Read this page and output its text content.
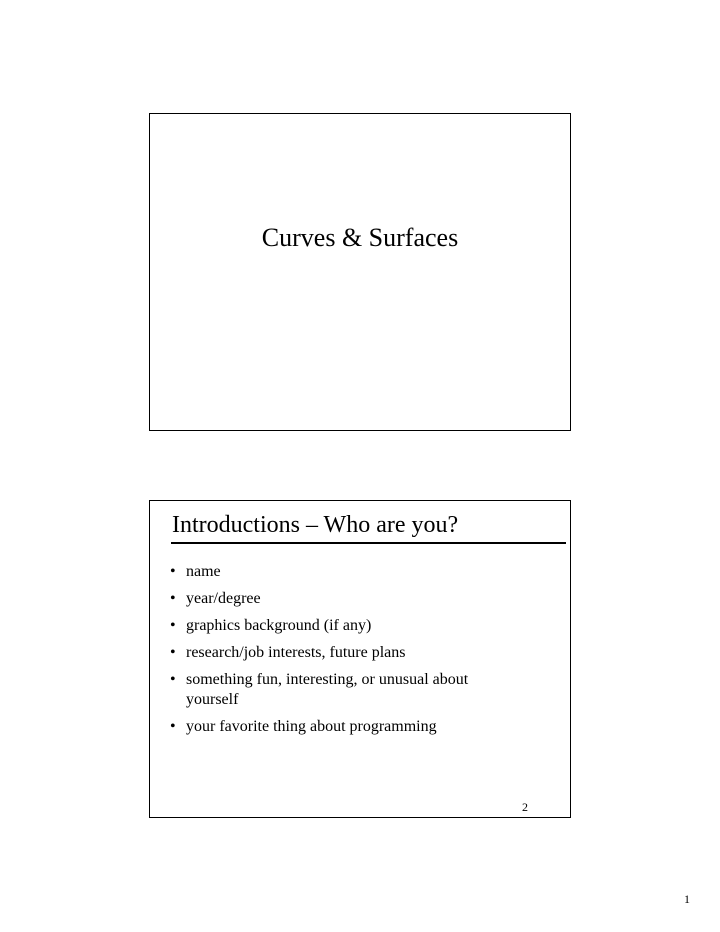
Curves & Surfaces
Introductions – Who are you?
• name
• year/degree
• graphics background (if any)
• research/job interests, future plans
• something fun, interesting, or unusual about yourself
• your favorite thing about programming
2
1
